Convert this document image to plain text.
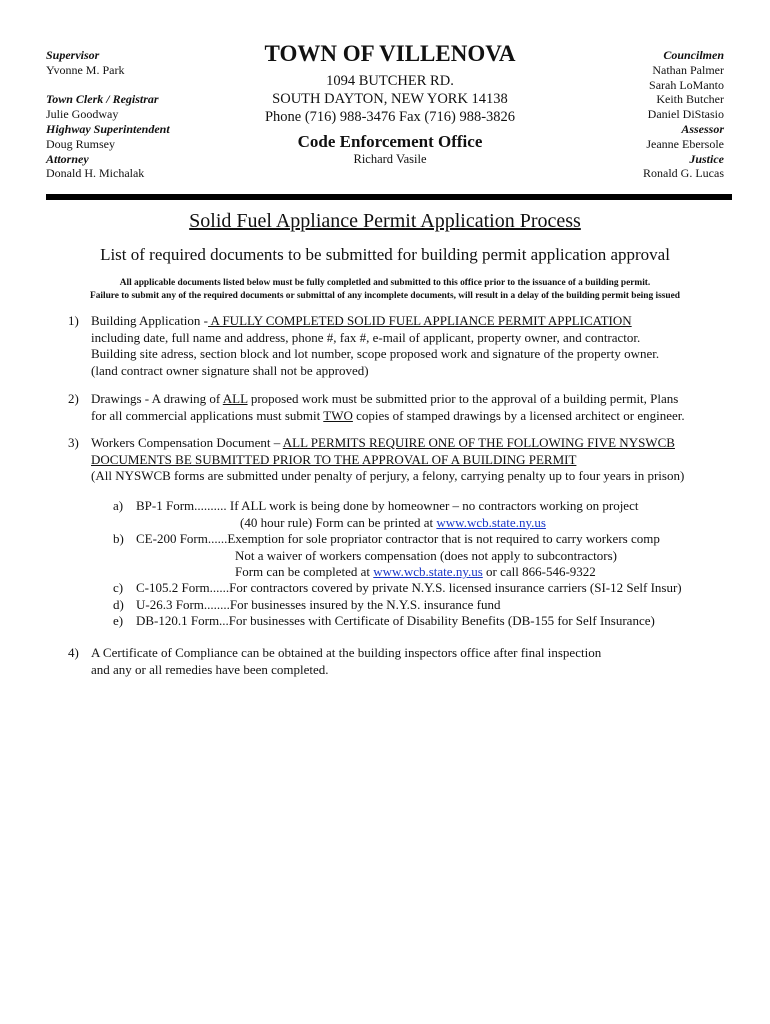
Supervisor
Yvonne M. Park
Town Clerk / Registrar
Julie Goodway
Highway Superintendent
Doug Rumsey
Attorney
Donald H. Michalak
TOWN OF VILLENOVA
1094 BUTCHER RD.
SOUTH DAYTON, NEW YORK 14138
Phone (716) 988-3476 Fax (716) 988-3826
Code Enforcement Office
Richard Vasile
Councilmen
Nathan Palmer
Sarah LoManto
Keith Butcher
Daniel DiStasio
Assessor
Jeanne Ebersole
Justice
Ronald G. Lucas
Solid Fuel Appliance Permit Application Process
List of required documents to be submitted for building permit application approval
All applicable documents listed below must be fully completled and submitted to this office prior to the issuance of a building permit.
Failure to submit any of the required documents or submittal of any incomplete documents, will result in a delay of the building permit being issued
1) Building Application - A FULLY COMPLETED SOLID FUEL APPLIANCE PERMIT APPLICATION
including date, full name and address, phone #, fax #, e-mail of applicant, property owner, and contractor.
Building site adress, section block and lot number, scope proposed work and signature of the property owner.
(land contract owner signature shall not be approved)
2) Drawings - A drawing of ALL proposed work must be submitted prior to the approval of a building permit, Plans
for all commercial applications must submit TWO copies of stamped drawings by a licensed architect or engineer.
3) Workers Compensation Document – ALL PERMITS REQUIRE ONE OF THE FOLLOWING FIVE NYSWCB
DOCUMENTS BE SUBMITTED PRIOR TO THE APPROVAL OF A BUILDING PERMIT
(All NYSWCB forms are submitted under penalty of perjury, a felony, carrying penalty up to four years in prison)
a) BP-1 Form.......... If ALL work is being done by homeowner – no contractors working on project
(40 hour rule) Form can be printed at www.wcb.state.ny.us
b) CE-200 Form......Exemption for sole propriator contractor that is not required to carry workers comp
Not a waiver of workers compensation (does not apply to subcontractors)
Form can be completed at www.wcb.state.ny.us or call 866-546-9322
c) C-105.2 Form......For contractors covered by private N.Y.S. licensed insurance carriers (SI-12 Self Insur)
d) U-26.3 Form........For businesses insured by the N.Y.S. insurance fund
e) DB-120.1 Form...For businesses with Certificate of Disability Benefits (DB-155 for Self Insurance)
4) A Certificate of Compliance can be obtained at the building inspectors office after final inspection
and any or all remedies have been completed.
